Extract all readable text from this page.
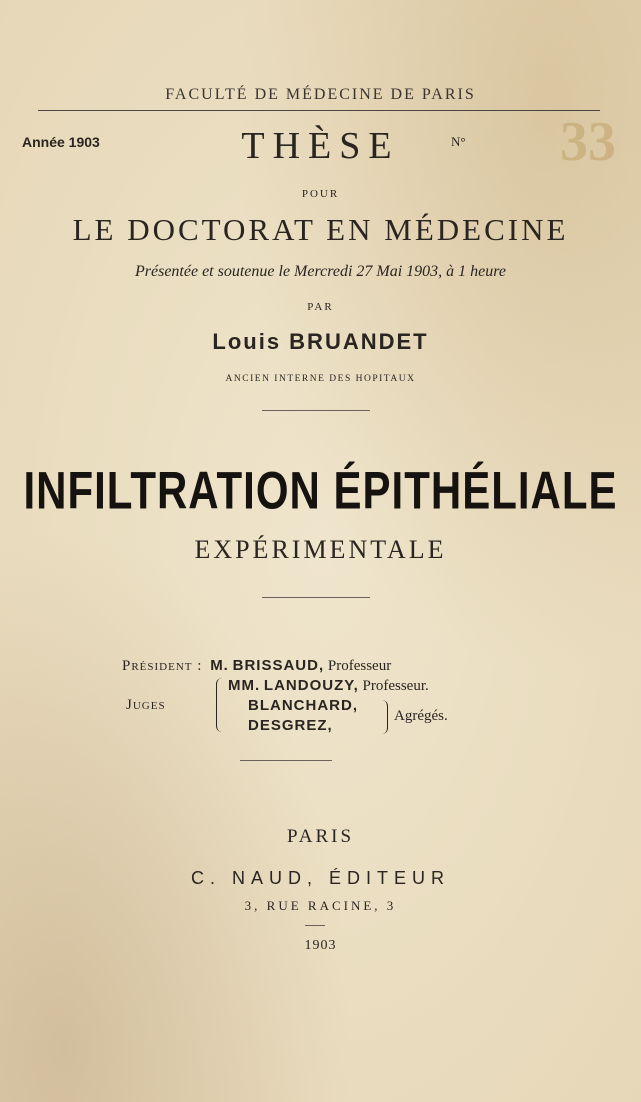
33
FACULTÉ DE MÉDECINE DE PARIS
Année 1903	THÈSE	N°
POUR
LE DOCTORAT EN MÉDECINE
Présentée et soutenue le Mercredi 27 Mai 1903, à 1 heure
PAR
Louis BRUANDET
ANCIEN INTERNE DES HOPITAUX
INFILTRATION ÉPITHÉLIALE
EXPÉRIMENTALE
Président : M. BRISSAUD, Professeur
MM. LANDOUZY, Professeur.
Juges	BLANCHARD,
DESGREZ,
Agrégés.
PARIS
C. NAUD, ÉDITEUR
3, RUE RACINE, 3
1903
